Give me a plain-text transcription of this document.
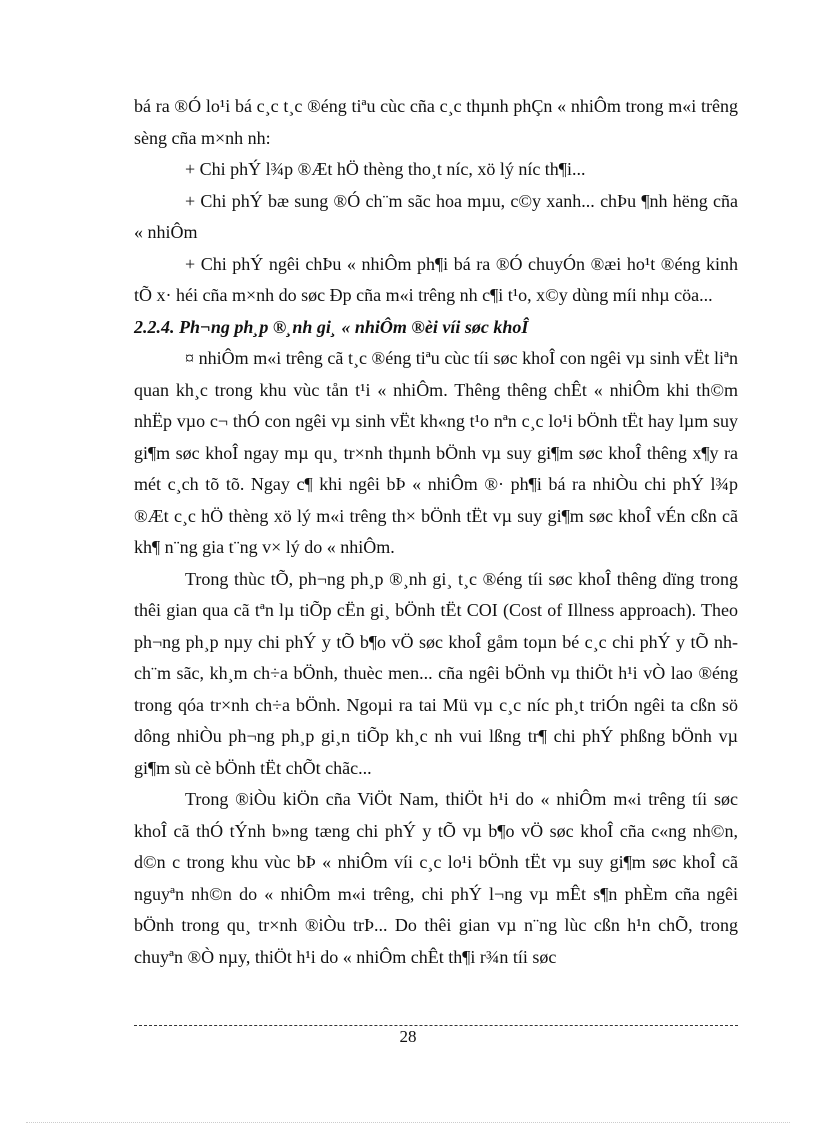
bá ra ®Ó lo¹i bá c¸c t¸c ®éng tiªu cùc cña c¸c thµnh phÇn « nhiÔm trong m«i trêng sèng cña m×nh nh:

+ Chi phÝ l¾p ®Æt hÖ thèng tho¸t níc, xö lý níc th¶i...

+ Chi phÝ bæ sung ®Ó ch¨m sãc hoa mµu, c©y xanh... chÞu ¶nh hëng cña « nhiÔm

+ Chi phÝ ngêi chÞu « nhiÔm ph¶i bá ra ®Ó chuyÓn ®æi ho¹t ®éng kinh tÕ x· héi cña m×nh do søc Ðp cña m«i trêng nh c¶i t¹o, x©y dùng míi nhµ cöa...

2.2.4. Ph¬ng ph¸p ®¸nh gi¸ « nhiÔm ®èi víi søc khoÎ

¤ nhiÔm m«i trêng cã t¸c ®éng tiªu cùc tíi søc khoÎ con ngêi vµ sinh vËt liªn quan kh¸c trong khu vùc tån t¹i « nhiÔm. Thêng thêng chÊt « nhiÔm khi th©m nhËp vµo c¬ thÓ con ngêi vµ sinh vËt kh«ng t¹o nªn c¸c lo¹i bÖnh tËt hay lµm suy gi¶m søc khoÎ ngay mµ qu¸ tr×nh thµnh bÖnh vµ suy gi¶m søc khoÎ thêng x¶y ra mét c¸ch tõ tõ. Ngay c¶ khi ngêi bÞ « nhiÔm ®· ph¶i bá ra nhiÒu chi phÝ l¾p ®Æt c¸c hÖ thèng xö lý m«i trêng th× bÖnh tËt vµ suy gi¶m søc khoÎ vÉn cßn cã kh¶ n¨ng gia t¨ng v× lý do « nhiÔm.

Trong thùc tÕ, ph¬ng ph¸p ®¸nh gi¸ t¸c ®éng tíi søc khoÎ thêng dïng trong thêi gian qua cã tªn lµ tiÕp cËn gi¸ bÖnh tËt COI (Cost of Illness approach). Theo ph¬ng ph¸p nµy chi phÝ y tÕ b¶o vÖ søc khoÎ gåm toµn bé c¸c chi phÝ y tÕ nh ch¨m sãc, kh¸m ch÷a bÖnh, thuèc men... cña ngêi bÖnh vµ thiÖt h¹i vÒ lao ®éng trong qóa tr×nh ch÷a bÖnh. Ngoµi ra tai Mü vµ c¸c níc ph¸t triÓn ngêi ta cßn sö dông nhiÒu ph¬ng ph¸p gi¸n tiÕp kh¸c nh vui lßng tr¶ chi phÝ phßng bÖnh vµ gi¶m sù cè bÖnh tËt chÕt chãc...

Trong ®iÒu kiÖn cña ViÖt Nam, thiÖt h¹i do « nhiÔm m«i trêng tíi søc khoÎ cã thÓ tÝnh b»ng tæng chi phÝ y tÕ vµ b¶o vÖ søc khoÎ cña c«ng nh©n, d©n c trong khu vùc bÞ « nhiÔm víi c¸c lo¹i bÖnh tËt vµ suy gi¶m søc khoÎ cã nguyªn nh©n do « nhiÔm m«i trêng, chi phÝ l¬ng vµ mÊt s¶n phÈm cña ngêi bÖnh trong qu¸ tr×nh ®iÒu trÞ... Do thêi gian vµ n¨ng lùc cßn h¹n chÕ, trong chuyªn ®Ò nµy, thiÖt h¹i do « nhiÔm chÊt th¶i r¾n tíi søc

28
